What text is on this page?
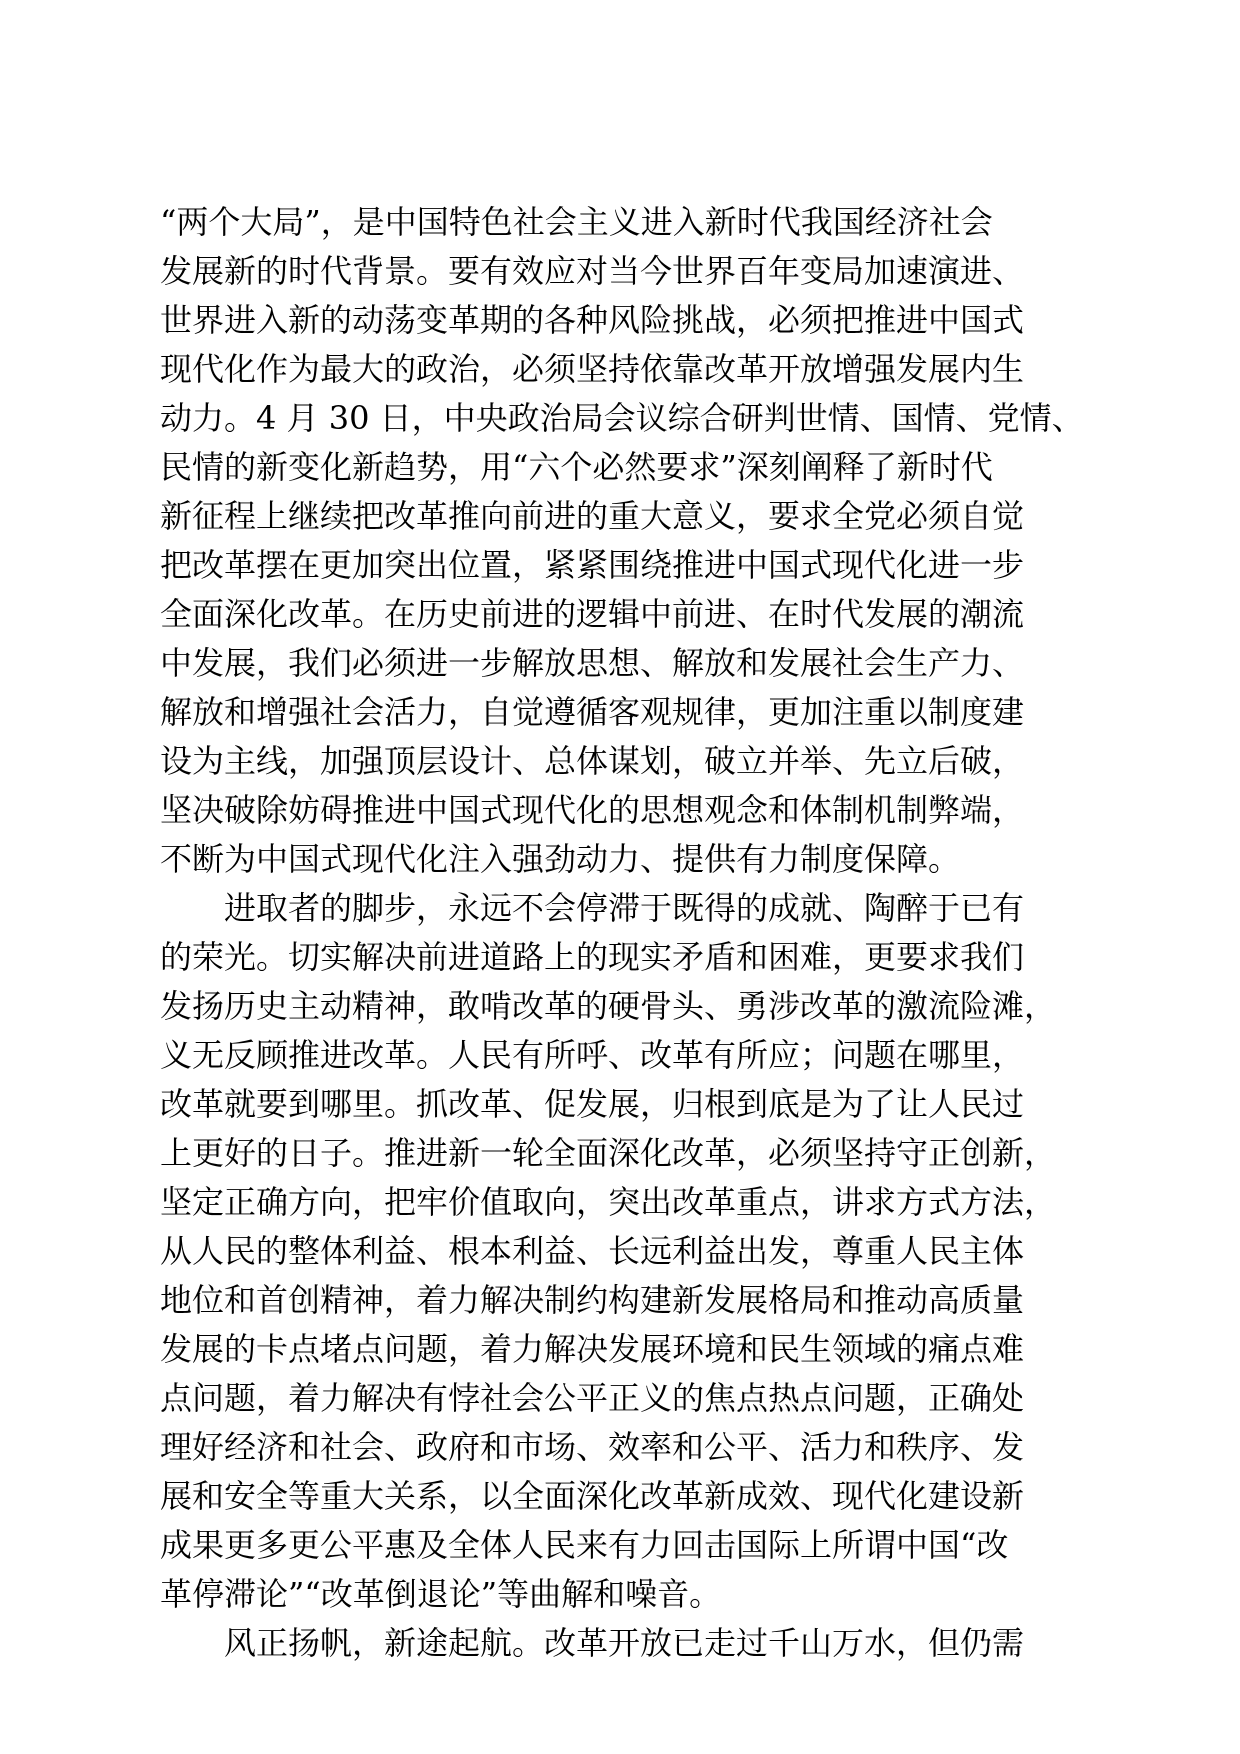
“两个大局”，是中国特色社会主义进入新时代我国经济社会
发展新的时代背景。要有效应对当今世界百年变局加速演进、
世界进入新的动荡变革期的各种风险挑战，必须把推进中国式
现代化作为最大的政治，必须坚持依靠改革开放增强发展内生
动力。4 月 30 日，中央政治局会议综合研判世情、国情、党情、
民情的新变化新趋势，用“六个必然要求”深刻阐释了新时代
新征程上继续把改革推向前进的重大意义，要求全党必须自觉
把改革摆在更加突出位置，紧紧围绕推进中国式现代化进一步
全面深化改革。在历史前进的逻辑中前进、在时代发展的潮流
中发展，我们必须进一步解放思想、解放和发展社会生产力、
解放和增强社会活力，自觉遵循客观规律，更加注重以制度建
设为主线，加强顶层设计、总体谋划，破立并举、先立后破，
坚决破除妨碍推进中国式现代化的思想观念和体制机制弊端，
不断为中国式现代化注入强劲动力、提供有力制度保障。
进取者的脚步，永远不会停滞于既得的成就、陶醉于已有
的荣光。切实解决前进道路上的现实矛盾和困难，更要求我们
发扬历史主动精神，敢啃改革的硬骨头、勇涉改革的激流险滩，
义无反顾推进改革。人民有所呼、改革有所应；问题在哪里，
改革就要到哪里。抓改革、促发展，归根到底是为了让人民过
上更好的日子。推进新一轮全面深化改革，必须坚持守正创新，
坚定正确方向，把牢价值取向，突出改革重点，讲求方式方法，
从人民的整体利益、根本利益、长远利益出发，尊重人民主体
地位和首创精神，着力解决制约构建新发展格局和推动高质量
发展的卡点堵点问题，着力解决发展环境和民生领域的痛点难
点问题，着力解决有悖社会公平正义的焦点热点问题，正确处
理好经济和社会、政府和市场、效率和公平、活力和秩序、发
展和安全等重大关系，以全面深化改革新成效、现代化建设新
成果更多更公平惠及全体人民来有力回击国际上所谓中国“改
革停滞论”“改革倒退论”等曲解和噪音。
风正扬帆，新途起航。改革开放已走过千山万水，但仍需
